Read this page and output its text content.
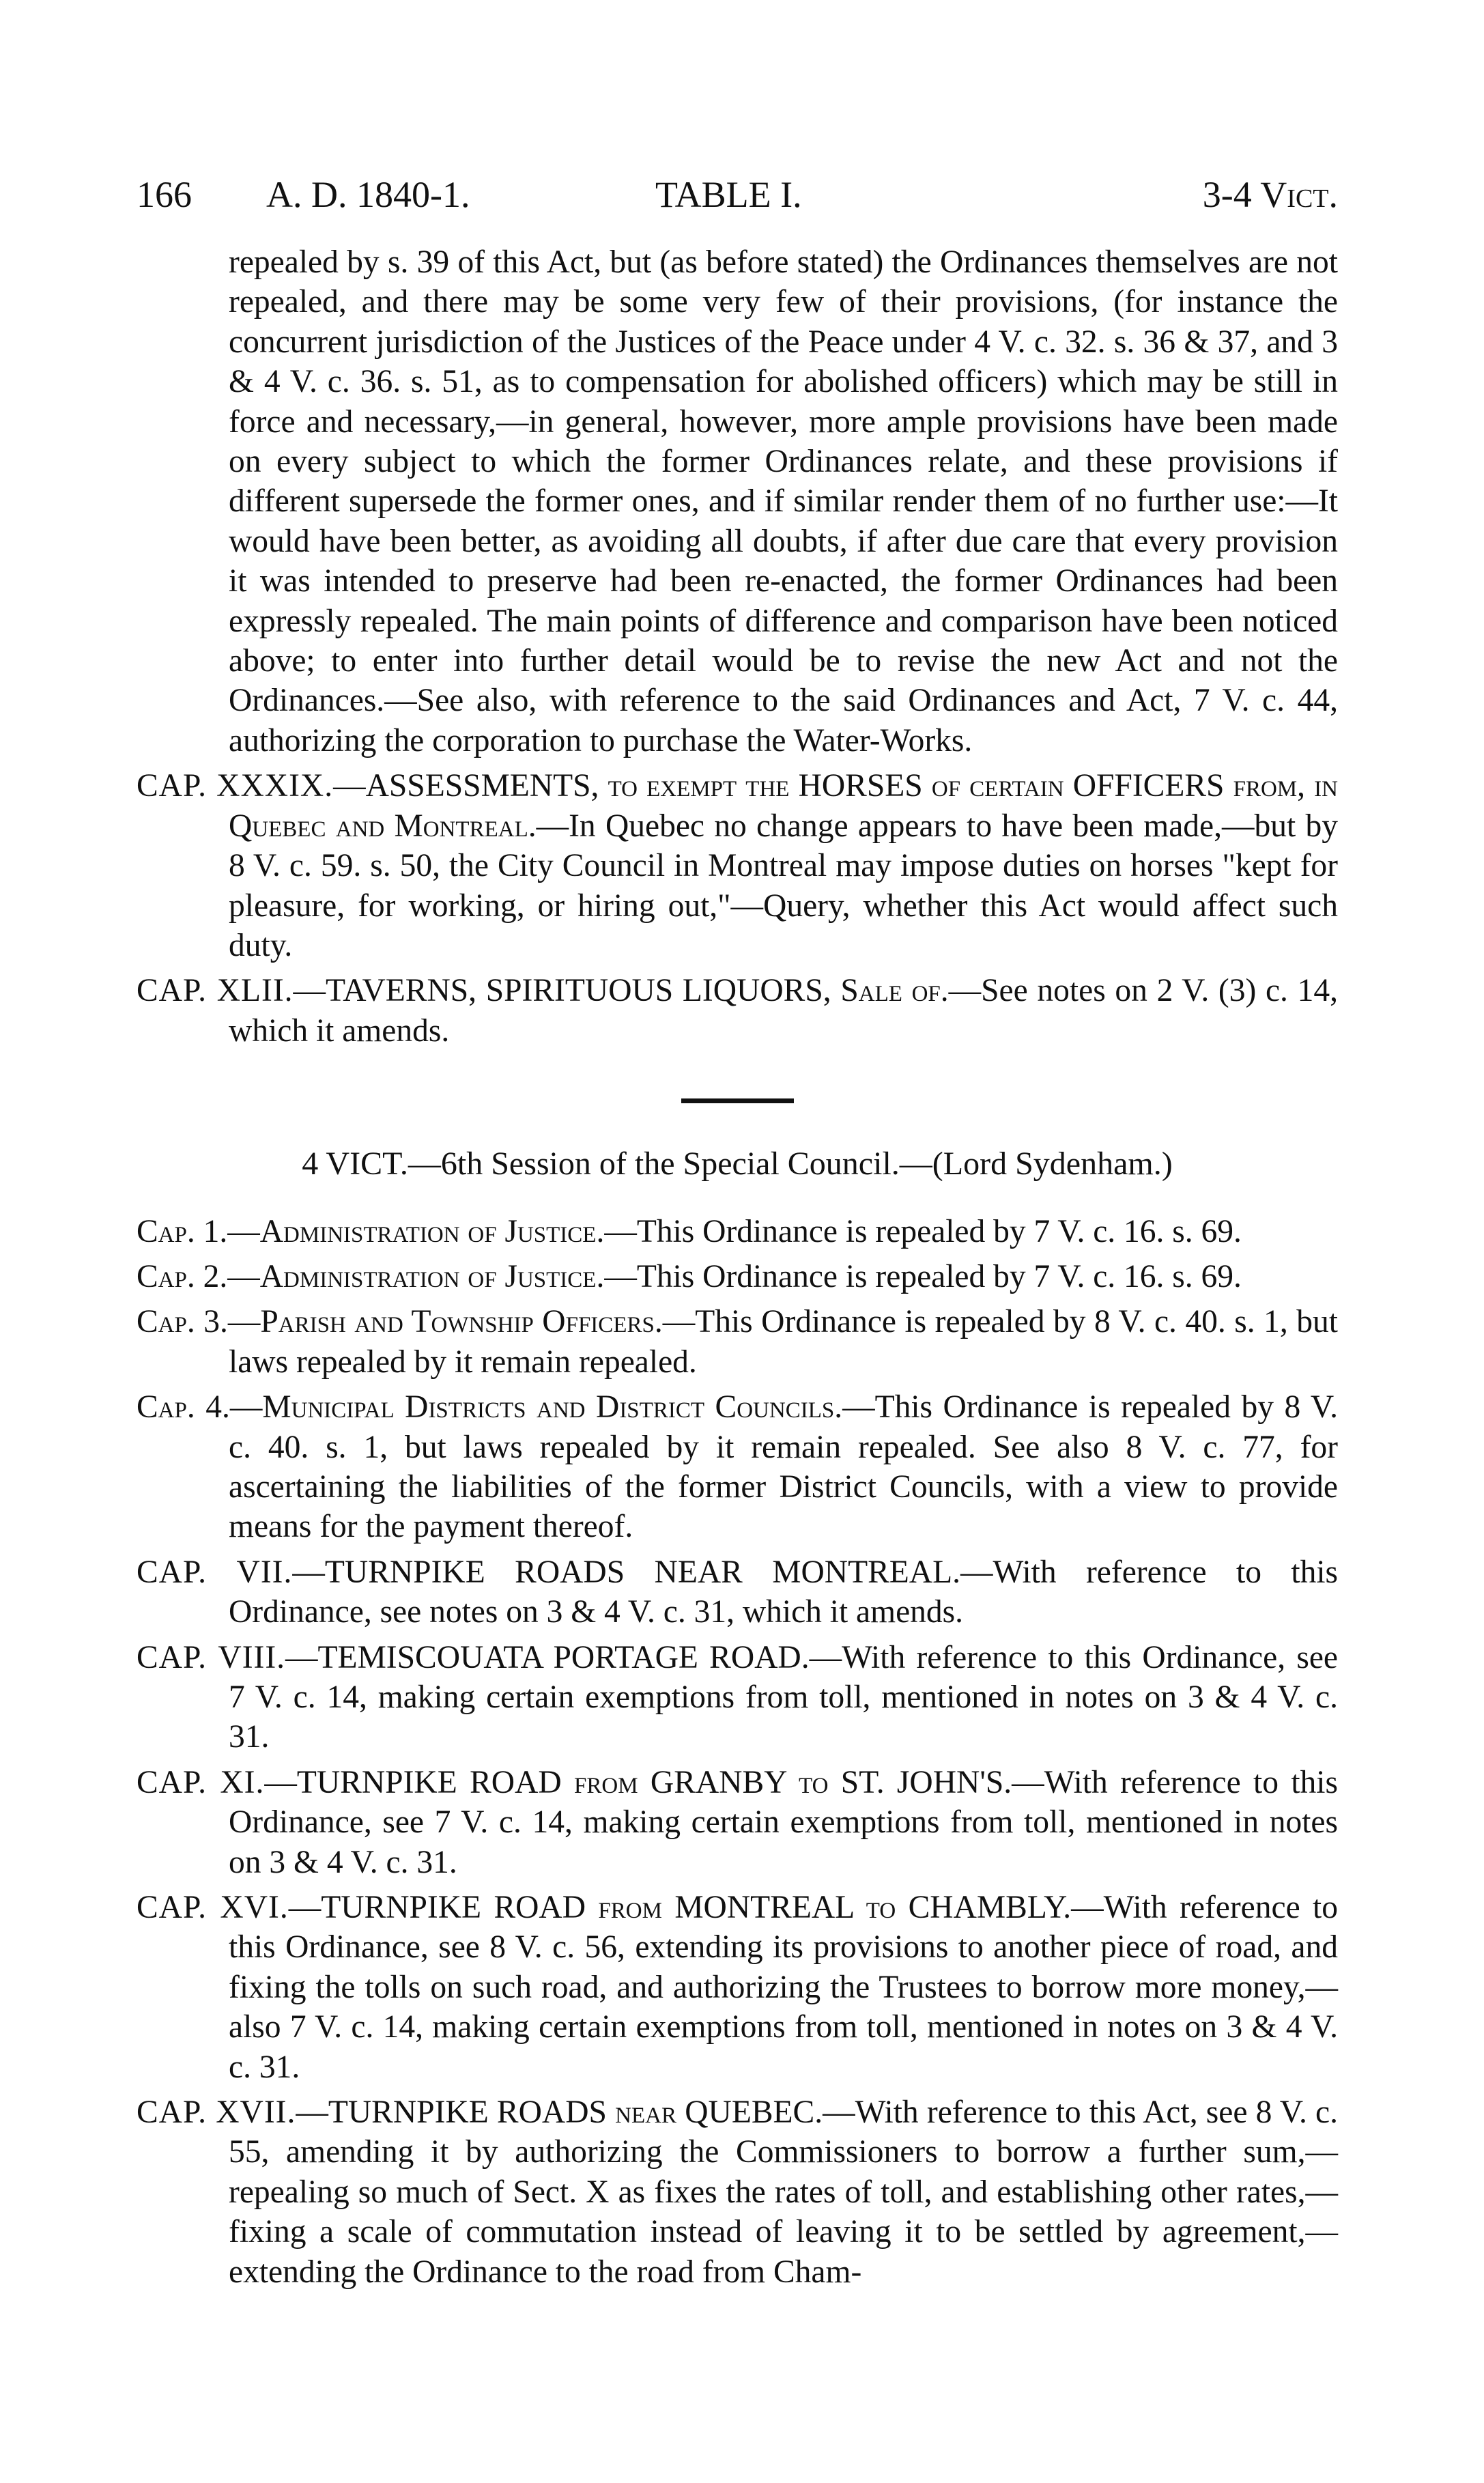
166 A. D. 1840-1.	TABLE I.	3-4 Vict.

repealed by s. 39 of this Act, but (as before stated) the Ordinances themselves are not repealed, and there may be some very few of their provisions, (for instance the concurrent jurisdiction of the Justices of the Peace under 4 V. c. 32. s. 36 & 37, and 3 & 4 V. c. 36. s. 51, as to compensation for abolished officers) which may be still in force and necessary,—in general, however, more ample provisions have been made on every subject to which the former Ordinances relate, and these provisions if different supersede the former ones, and if similar render them of no further use:—It would have been better, as avoiding all doubts, if after due care that every provision it was intended to preserve had been re-enacted, the former Ordinances had been expressly repealed. The main points of difference and comparison have been noticed above; to enter into further detail would be to revise the new Act and not the Ordinances.—See also, with reference to the said Ordinances and Act, 7 V. c. 44, authorizing the corporation to purchase the Water-Works.

CAP. XXXIX.—ASSESSMENTS, to exempt the HORSES of certain OFFICERS from, in Quebec and Montreal.—In Quebec no change appears to have been made,—but by 8 V. c. 59. s. 50, the City Council in Montreal may impose duties on horses "kept for pleasure, for working, or hiring out,"—Query, whether this Act would affect such duty.

CAP. XLII.—TAVERNS, SPIRITUOUS LIQUORS, Sale of.—See notes on 2 V. (3) c. 14, which it amends.

4 VICT.—6th Session of the Special Council.—(Lord Sydenham.)

Cap. 1.—Administration of Justice.—This Ordinance is repealed by 7 V. c. 16. s. 69.

Cap. 2.—Administration of Justice.—This Ordinance is repealed by 7 V. c. 16. s. 69.

Cap. 3.—Parish and Township Officers.—This Ordinance is repealed by 8 V. c. 40. s. 1, but laws repealed by it remain repealed.

Cap. 4.—Municipal Districts and District Councils.—This Ordinance is repealed by 8 V. c. 40. s. 1, but laws repealed by it remain repealed. See also 8 V. c. 77, for ascertaining the liabilities of the former District Councils, with a view to provide means for the payment thereof.

CAP. VII.—TURNPIKE ROADS NEAR MONTREAL.—With reference to this Ordinance, see notes on 3 & 4 V. c. 31, which it amends.

CAP. VIII.—TEMISCOUATA PORTAGE ROAD.—With reference to this Ordinance, see 7 V. c. 14, making certain exemptions from toll, mentioned in notes on 3 & 4 V. c. 31.

CAP. XI.—TURNPIKE ROAD from GRANBY to ST. JOHN'S.—With reference to this Ordinance, see 7 V. c. 14, making certain exemptions from toll, mentioned in notes on 3 & 4 V. c. 31.

CAP. XVI.—TURNPIKE ROAD from MONTREAL to CHAMBLY.—With reference to this Ordinance, see 8 V. c. 56, extending its provisions to another piece of road, and fixing the tolls on such road, and authorizing the Trustees to borrow more money,—also 7 V. c. 14, making certain exemptions from toll, mentioned in notes on 3 & 4 V. c. 31.

CAP. XVII.—TURNPIKE ROADS near QUEBEC.—With reference to this Act, see 8 V. c. 55, amending it by authorizing the Commissioners to borrow a further sum,—repealing so much of Sect. X as fixes the rates of toll, and establishing other rates,—fixing a scale of commutation instead of leaving it to be settled by agreement,—extending the Ordinance to the road from Cham-
